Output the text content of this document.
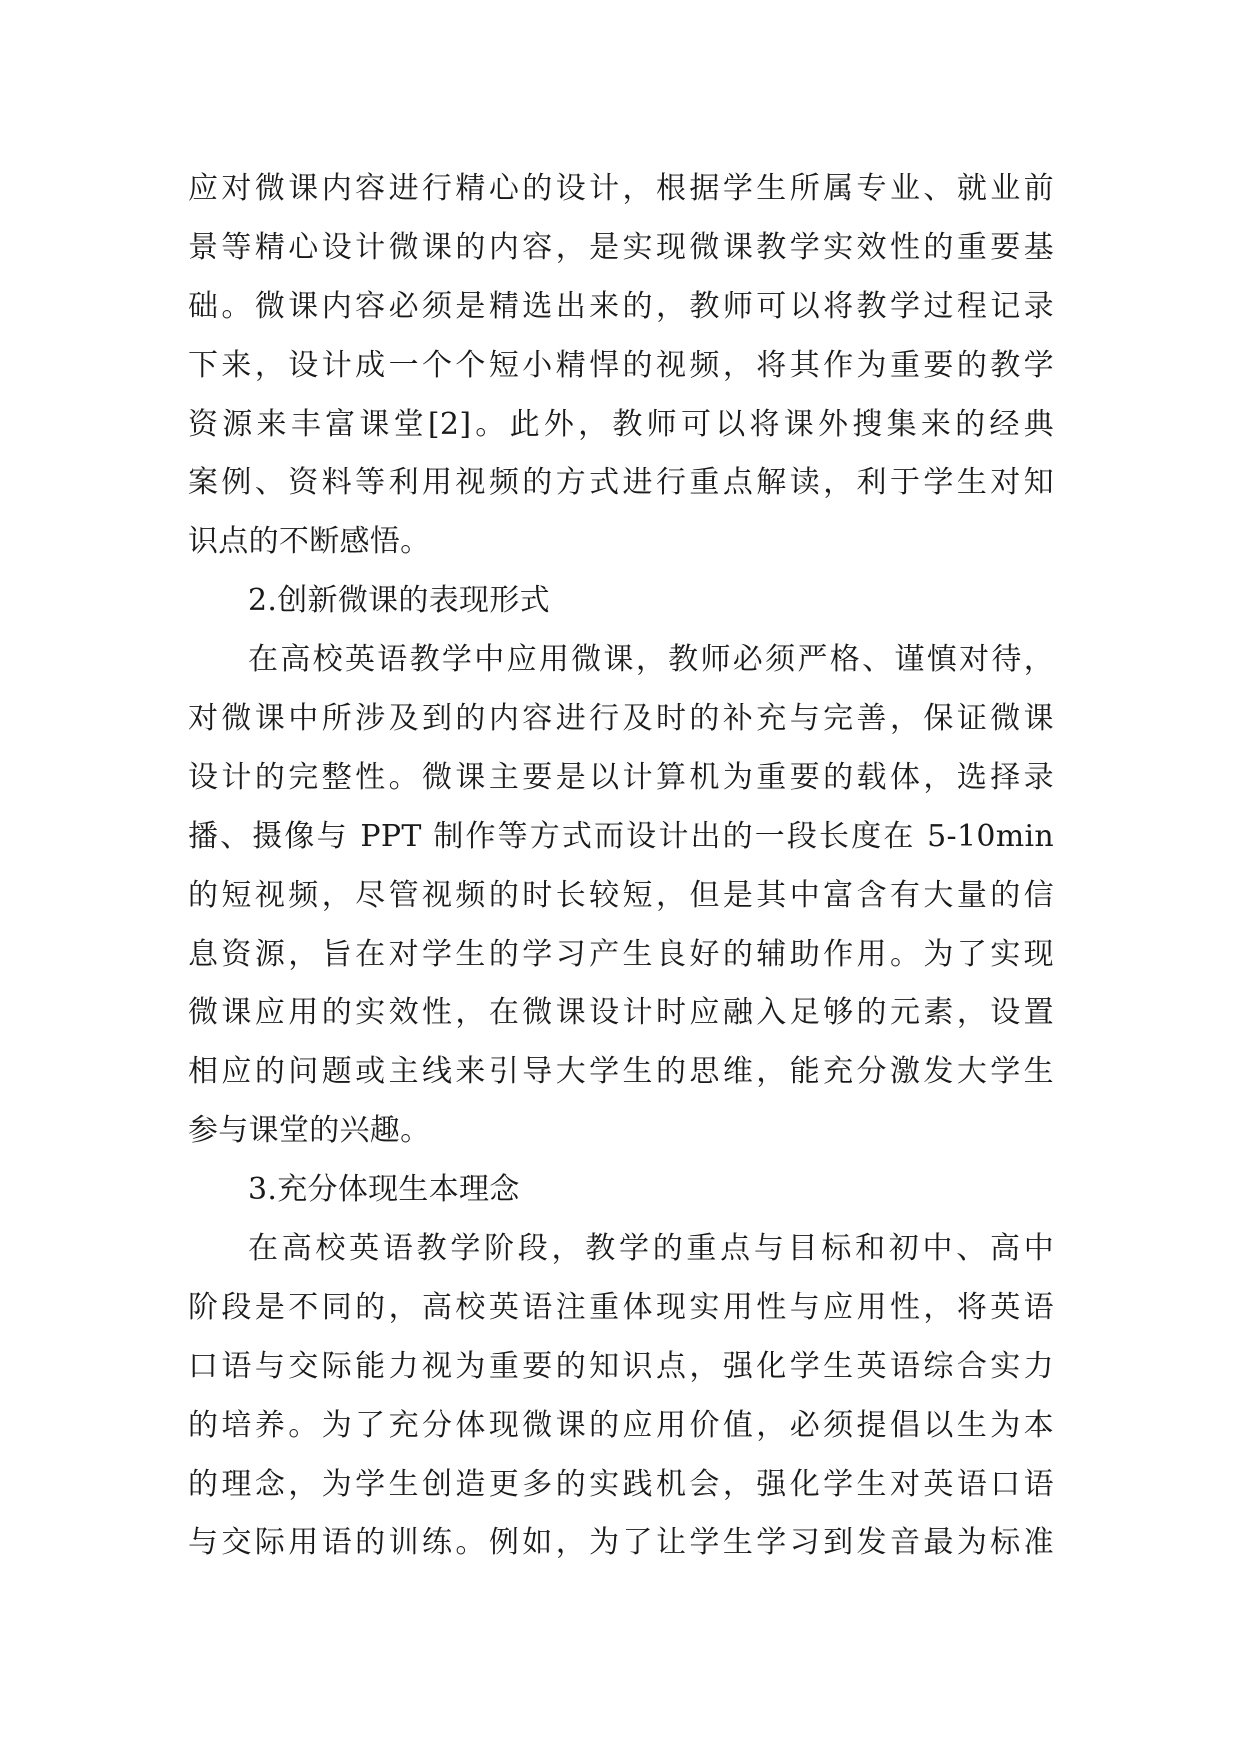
应对微课内容进行精心的设计，根据学生所属专业、就业前
景等精心设计微课的内容，是实现微课教学实效性的重要基
础。微课内容必须是精选出来的，教师可以将教学过程记录
下来，设计成一个个短小精悍的视频，将其作为重要的教学
资源来丰富课堂[2]。此外，教师可以将课外搜集来的经典
案例、资料等利用视频的方式进行重点解读，利于学生对知
识点的不断感悟。
2.创新微课的表现形式
在高校英语教学中应用微课，教师必须严格、谨慎对待，
对微课中所涉及到的内容进行及时的补充与完善，保证微课
设计的完整性。微课主要是以计算机为重要的载体，选择录
播、摄像与 PPT 制作等方式而设计出的一段长度在 5-10min
的短视频，尽管视频的时长较短，但是其中富含有大量的信
息资源，旨在对学生的学习产生良好的辅助作用。为了实现
微课应用的实效性，在微课设计时应融入足够的元素，设置
相应的问题或主线来引导大学生的思维，能充分激发大学生
参与课堂的兴趣。
3.充分体现生本理念
在高校英语教学阶段，教学的重点与目标和初中、高中
阶段是不同的，高校英语注重体现实用性与应用性，将英语
口语与交际能力视为重要的知识点，强化学生英语综合实力
的培养。为了充分体现微课的应用价值，必须提倡以生为本
的理念，为学生创造更多的实践机会，强化学生对英语口语
与交际用语的训练。例如，为了让学生学习到发音最为标准
